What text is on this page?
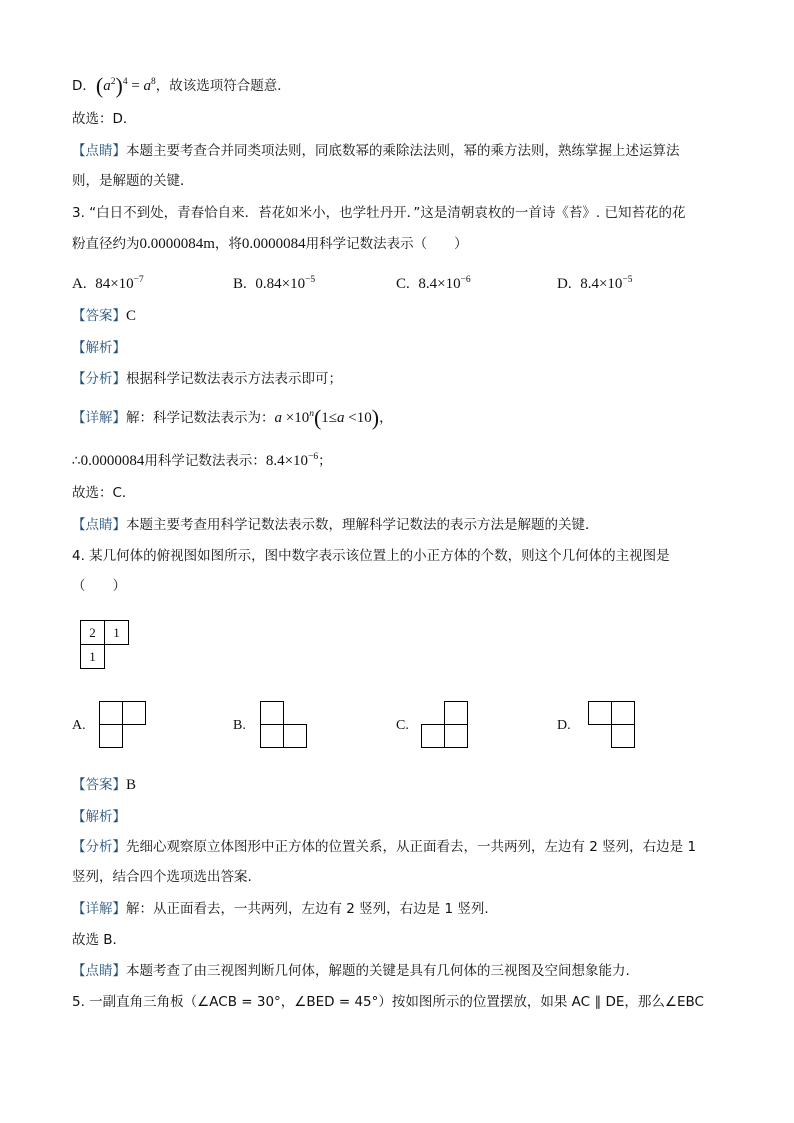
D．$(a^2)^4 = a^8$，故该选项符合题意．
故选：D．
【点睛】本题主要考查合并同类项法则，同底数幂的乘除法法则，幂的乘方法则，熟练掌握上述运算法
则，是解题的关键．
3. “白日不到处，青春恰自来．苔花如米小，也学牡丹开．”这是清朝袁枚的一首诗《苔》. 已知苔花的花
粉直径约为0.0000084m，将0.0000084用科学记数法表示（　　）
A. $84\times 10^{-7}$	B. $0.84\times 10^{-5}$	C. $8.4\times 10^{-6}$	D. $8.4\times 10^{-5}$
【答案】C
【解析】
【分析】根据科学记数法表示方法表示即可；
【详解】解：科学记数法表示为：$a \times 10^n(1\le a <10)$，
∴0.0000084用科学记数法表示：$8.4\times 10^{-6}$；
故选：C．
【点睛】本题主要考查用科学记数法表示数，理解科学记数法的表示方法是解题的关键．
4. 某几何体的俯视图如图所示，图中数字表示该位置上的小正方体的个数，则这个几何体的主视图是
（　　）
2	1
1
A.	B.	C.	D.
【答案】B
【解析】
【分析】先细心观察原立体图形中正方体的位置关系，从正面看去，一共两列，左边有 2 竖列，右边是 1
竖列，结合四个选项选出答案.
【详解】解：从正面看去，一共两列，左边有 2 竖列，右边是 1 竖列.
故选 B．
【点睛】本题考查了由三视图判断几何体，解题的关键是具有几何体的三视图及空间想象能力.
5. 一副直角三角板（∠ACB = 30°，∠BED = 45°）按如图所示的位置摆放，如果 AC ∥ DE，那么∠EBC
